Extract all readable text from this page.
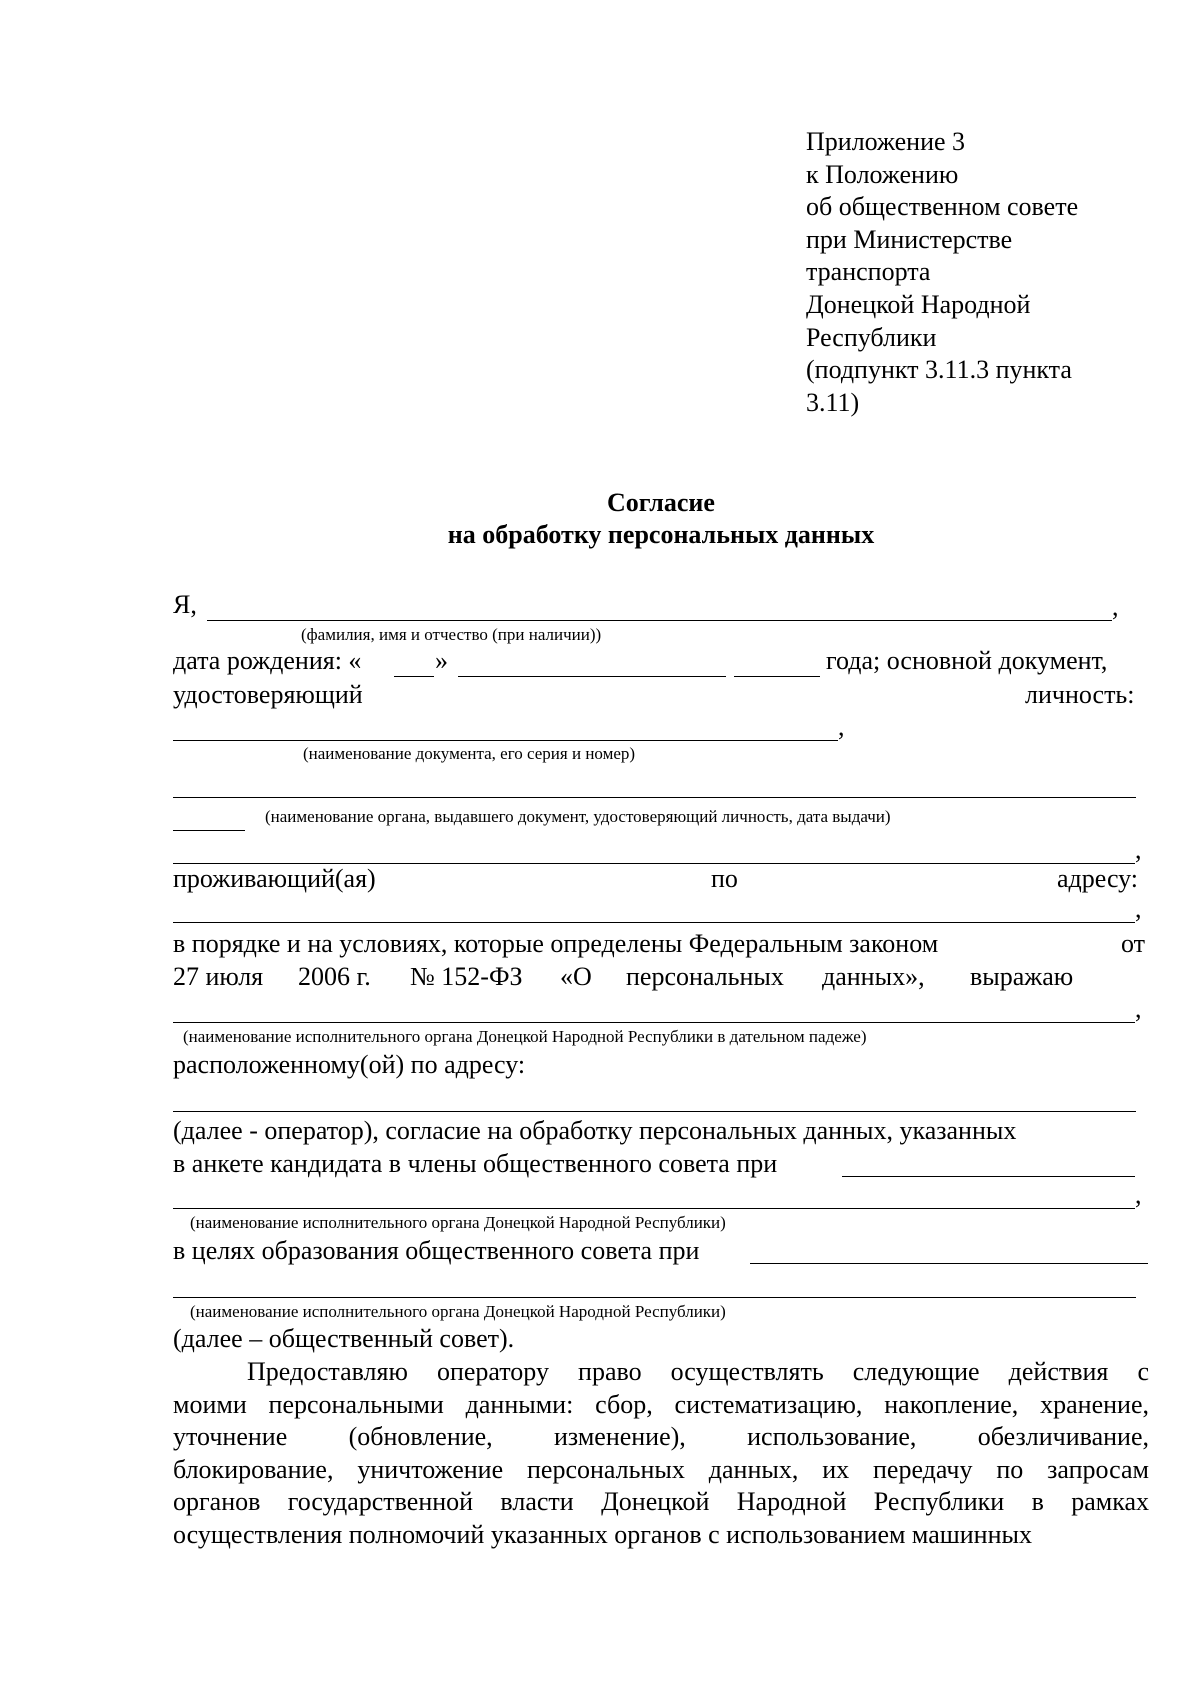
Приложение 3
к Положению
об общественном совете
при Министерстве
транспорта
Донецкой Народной
Республики
(подпункт 3.11.3 пункта
3.11)
Согласие
на обработку персональных данных
Я,	,
(фамилия, имя и отчество (при наличии))
дата рождения: «	»	года; основной документ,
удостоверяющий	личность:
,
(наименование документа, его серия и номер)
(наименование органа, выдавшего документ, удостоверяющий личность, дата выдачи)
,
проживающий(ая)	по	адресу:
,
в порядке и на условиях, которые определены Федеральным законом	от
27 июля 2006 г. № 152-ФЗ «О персональных данных», выражаю
,
(наименование исполнительного органа Донецкой Народной Республики в дательном падеже)
расположенному(ой) по адресу:
(далее - оператор), согласие на обработку персональных данных, указанных
в анкете кандидата в члены общественного совета при
,
(наименование исполнительного органа Донецкой Народной Республики)
в целях образования общественного совета при
(наименование исполнительного органа Донецкой Народной Республики)
(далее – общественный совет).
Предоставляю оператору право осуществлять следующие действия с
моими персональными данными: сбор, систематизацию, накопление, хранение,
уточнение (обновление, изменение), использование, обезличивание,
блокирование, уничтожение персональных данных, их передачу по запросам
органов государственной власти Донецкой Народной Республики в рамках
осуществления полномочий указанных органов с использованием машинных
